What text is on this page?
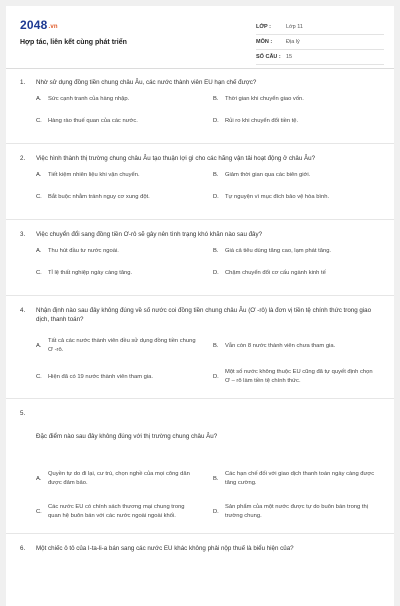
2048.vn
Hợp tác, liên kết cùng phát triển
LỚP :	Lớp 11
MÔN :	Địa lý
SỐ CÂU : 15
1.	Nhờ sử dụng đồng tiền chung châu Âu, các nước thành viên EU hạn chế được?
A.	Sức cạnh tranh của hàng nhập.	B.	Thời gian khi chuyển giao vốn.
C.	Hàng rào thuế quan của các nước.	D.	Rủi ro khi chuyển đổi tiền tệ.
2.	Việc hình thành thị trường chung châu Âu tạo thuận lợi gì cho các hãng vận tải hoạt động ở châu Âu?
A.	Tiết kiệm nhiên liệu khi vận chuyển.	B.	Giảm thời gian qua các biên giới.
C.	Bắt buộc nhằm tránh nguy cơ xung đột.	D.	Tự nguyện vì mục đích bảo vệ hòa bình.
3.	Việc chuyển đổi sang đồng tiền Ơ-rô sẽ gây nên tình trạng khó khăn nào sau đây?
A.	Thu hút đầu tư nước ngoài.	B.	Giá cả tiêu dùng tăng cao, lạm phát tăng.
C.	Tỉ lệ thất nghiệp ngày càng tăng.	D.	Chậm chuyển đổi cơ cấu ngành kinh tế
4.	Nhận định nào sau đây không đúng về số nước coi đồng tiền chung châu Âu (Ơ -rô) là đơn vị tiền tệ chính thức trong giao dịch, thanh toán?
A.
Tất cả các nước thành viên đều sử dụng đồng tiền chung Ơ -rô.
B.	Vẫn còn 8 nước thành viên chưa tham gia.
C.	Hiện đã có 19 nước thành viên tham gia.	D.
Một số nước không thuộc EU cũng đã tự quyết định chọn Ơ – rô làm tiền tệ chính thức.
5.
Đặc điểm nào sau đây không đúng với thị trường chung châu Âu?
A.
Quyền tự do đi lại, cư trú, chọn nghề của mọi công dân được đảm bảo.
B.
Các hạn chế đối với giao dịch thanh toán ngày càng được tăng cường.
C.
Các nước EU có chính sách thương mại chung trong quan hệ buôn bán với các nước ngoài ngoài khối.
D.
Sản phẩm của một nước được tự do buôn bán trong thị trường chung.
6.	Một chiếc ô tô của I-ta-li-a bán sang các nước EU khác không phải nộp thuế là biểu hiện của?
